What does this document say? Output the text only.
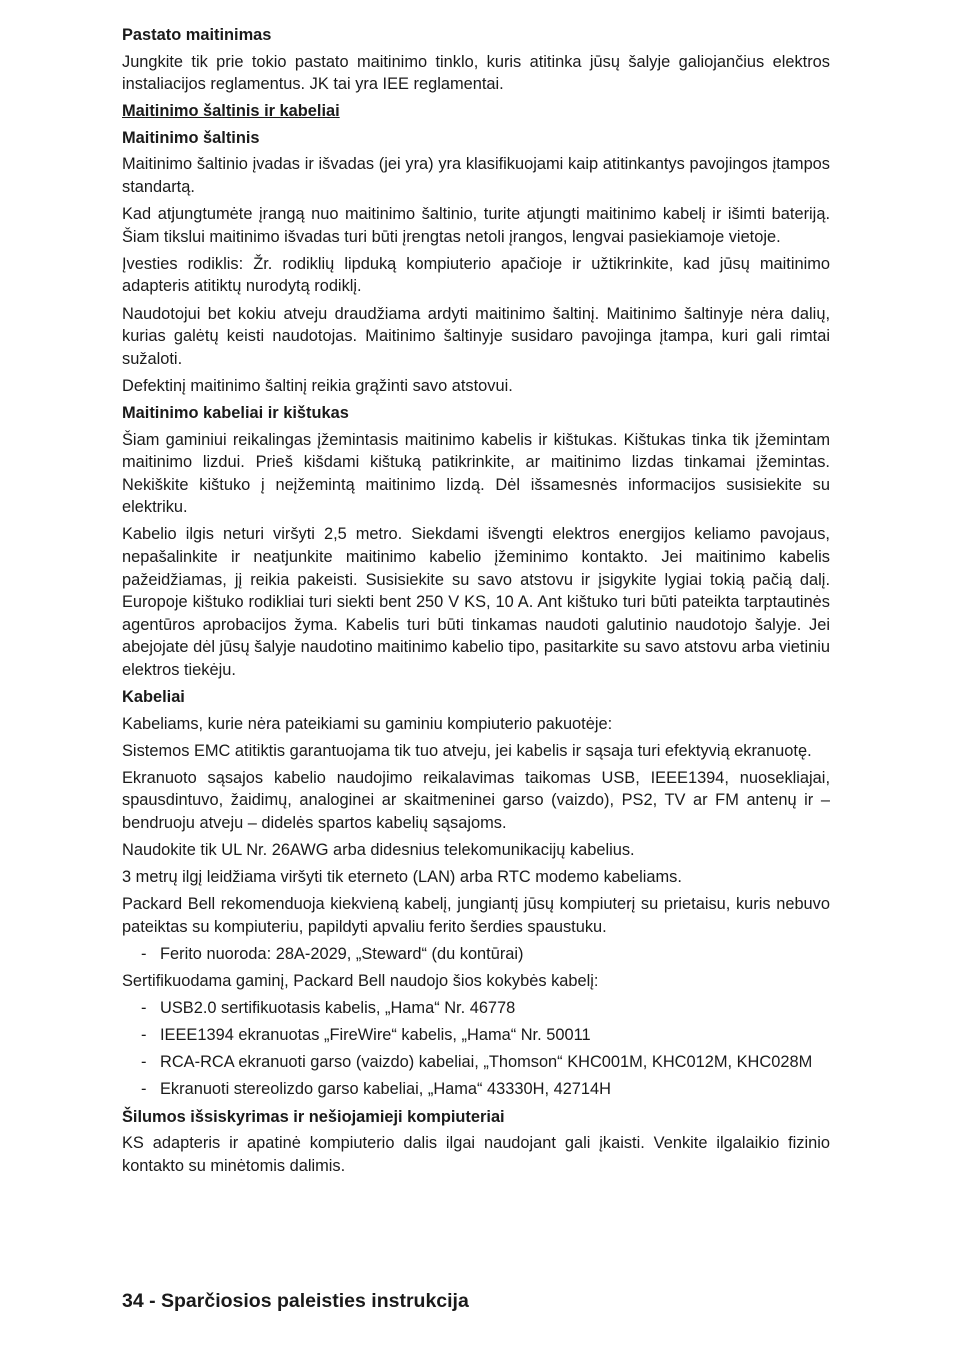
Pastato maitinimas

Jungkite tik prie tokio pastato maitinimo tinklo, kuris atitinka jūsų šalyje galiojančius elektros instaliacijos reglamentus. JK tai yra IEE reglamentai.

Maitinimo šaltinis ir kabeliai
Maitinimo šaltinis

Maitinimo šaltinio įvadas ir išvadas (jei yra) yra klasifikuojami kaip atitinkantys pavojingos įtampos standartą.

Kad atjungtumėte įrangą nuo maitinimo šaltinio, turite atjungti maitinimo kabelį ir išimti bateriją. Šiam tikslui maitinimo išvadas turi būti įrengtas netoli įrangos, lengvai pasiekiamoje vietoje.

Įvesties rodiklis: Žr. rodiklių lipduką kompiuterio apačioje ir užtikrinkite, kad jūsų maitinimo adapteris atitiktų nurodytą rodiklį.

Naudotojui bet kokiu atveju draudžiama ardyti maitinimo šaltinį. Maitinimo šaltinyje nėra dalių, kurias galėtų keisti naudotojas. Maitinimo šaltinyje susidaro pavojinga įtampa, kuri gali rimtai sužaloti.

Defektinį maitinimo šaltinį reikia grąžinti savo atstovui.

Maitinimo kabeliai ir kištukas

Šiam gaminiui reikalingas įžemintasis maitinimo kabelis ir kištukas. Kištukas tinka tik įžemintam maitinimo lizdui. Prieš kišdami kištuką patikrinkite, ar maitinimo lizdas tinkamai įžemintas. Nekiškite kištuko į neįžemintą maitinimo lizdą. Dėl išsamesnės informacijos susisiekite su elektriku.

Kabelio ilgis neturi viršyti 2,5 metro. Siekdami išvengti elektros energijos keliamo pavojaus, nepašalinkite ir neatjunkite maitinimo kabelio įžeminimo kontakto. Jei maitinimo kabelis pažeidžiamas, jį reikia pakeisti. Susisiekite su savo atstovu ir įsigykite lygiai tokią pačią dalį. Europoje kištuko rodikliai turi siekti bent 250 V KS, 10 A. Ant kištuko turi būti pateikta tarptautinės agentūros aprobacijos žyma. Kabelis turi būti tinkamas naudoti galutinio naudotojo šalyje. Jei abejojate dėl jūsų šalyje naudotino maitinimo kabelio tipo, pasitarkite su savo atstovu arba vietiniu elektros tiekėju.

Kabeliai

Kabeliams, kurie nėra pateikiami su gaminiu kompiuterio pakuotėje:

Sistemos EMC atitiktis garantuojama tik tuo atveju, jei kabelis ir sąsaja turi efektyvią ekranuotę.

Ekranuoto sąsajos kabelio naudojimo reikalavimas taikomas USB, IEEE1394, nuosekliajai, spausdintuvo, žaidimų, analoginei ar skaitmeninei garso (vaizdo), PS2, TV ar FM antenų ir – bendruoju atveju – didelės spartos kabelių sąsajoms.

Naudokite tik UL Nr. 26AWG arba didesnius telekomunikacijų kabelius.

3 metrų ilgį leidžiama viršyti tik eterneto (LAN) arba RTC modemo kabeliams.

Packard Bell rekomenduoja kiekvieną kabelį, jungiantį jūsų kompiuterį su prietaisu, kuris nebuvo pateiktas su kompiuteriu, papildyti apvaliu ferito šerdies spaustuku.

- Ferito nuoroda: 28A-2029, „Steward“ (du kontūrai)

Sertifikuodama gaminį, Packard Bell naudojo šios kokybės kabelį:

- USB2.0 sertifikuotasis kabelis, „Hama“ Nr. 46778
- IEEE1394 ekranuotas „FireWire“ kabelis, „Hama“ Nr. 50011
- RCA-RCA ekranuoti garso (vaizdo) kabeliai, „Thomson“ KHC001M, KHC012M, KHC028M
- Ekranuoti stereolizdo garso kabeliai, „Hama“ 43330H, 42714H
Šilumos išsiskyrimas ir nešiojamieji kompiuteriai

KS adapteris ir apatinė kompiuterio dalis ilgai naudojant gali įkaisti. Venkite ilgalaikio fizinio kontakto su minėtomis dalimis.

34 - Sparčiosios paleisties instrukcija
